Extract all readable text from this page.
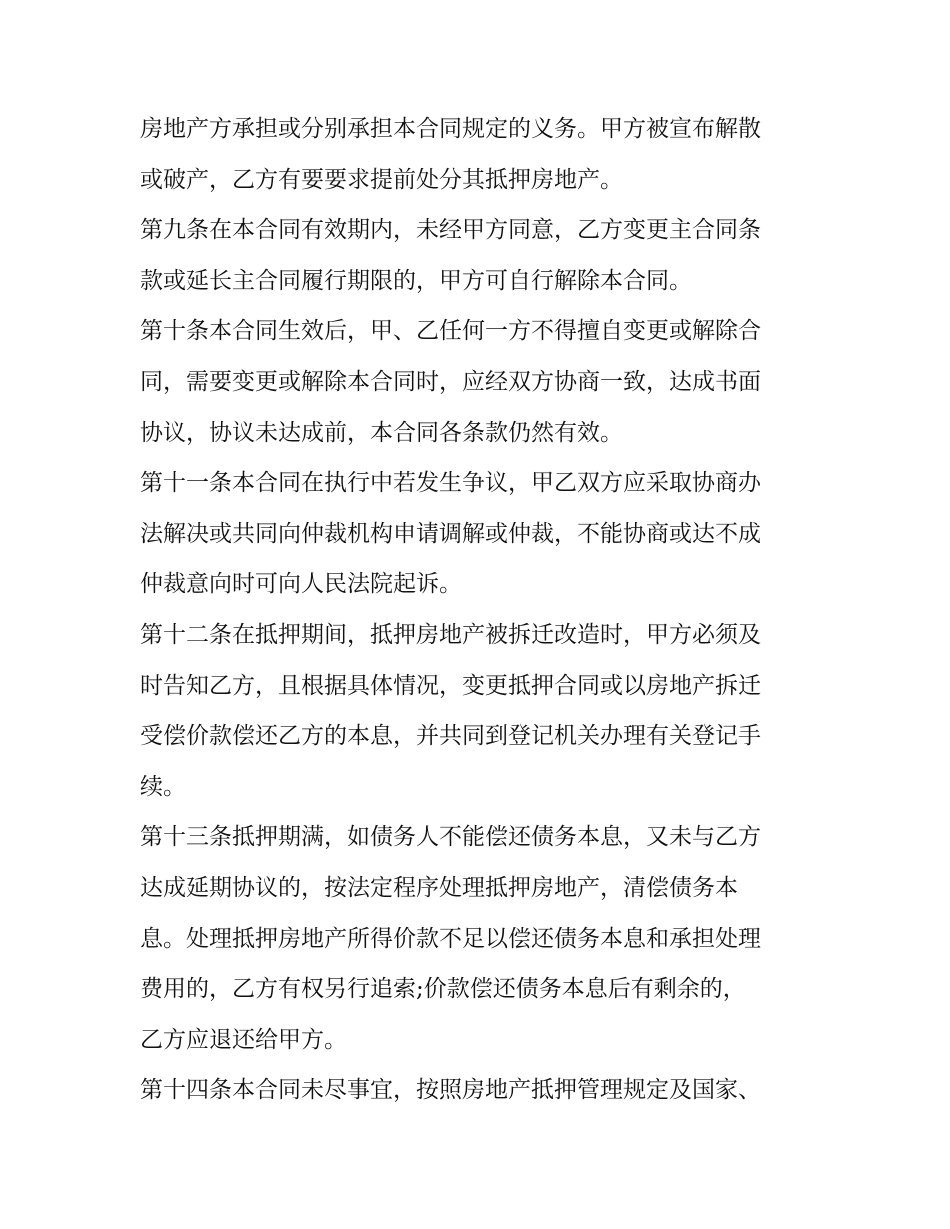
房地产方承担或分别承担本合同规定的义务。甲方被宣布解散
或破产，乙方有要要求提前处分其抵押房地产。
第九条在本合同有效期内，未经甲方同意，乙方变更主合同条
款或延长主合同履行期限的，甲方可自行解除本合同。
第十条本合同生效后，甲、乙任何一方不得擅自变更或解除合
同，需要变更或解除本合同时，应经双方协商一致，达成书面
协议，协议未达成前，本合同各条款仍然有效。
第十一条本合同在执行中若发生争议，甲乙双方应采取协商办
法解决或共同向仲裁机构申请调解或仲裁，不能协商或达不成
仲裁意向时可向人民法院起诉。
第十二条在抵押期间，抵押房地产被拆迁改造时，甲方必须及
时告知乙方，且根据具体情况，变更抵押合同或以房地产拆迁
受偿价款偿还乙方的本息，并共同到登记机关办理有关登记手
续。
第十三条抵押期满，如债务人不能偿还债务本息，又未与乙方
达成延期协议的，按法定程序处理抵押房地产，清偿债务本
息。处理抵押房地产所得价款不足以偿还债务本息和承担处理
费用的，乙方有权另行追索;价款偿还债务本息后有剩余的，
乙方应退还给甲方。
第十四条本合同未尽事宜，按照房地产抵押管理规定及国家、
